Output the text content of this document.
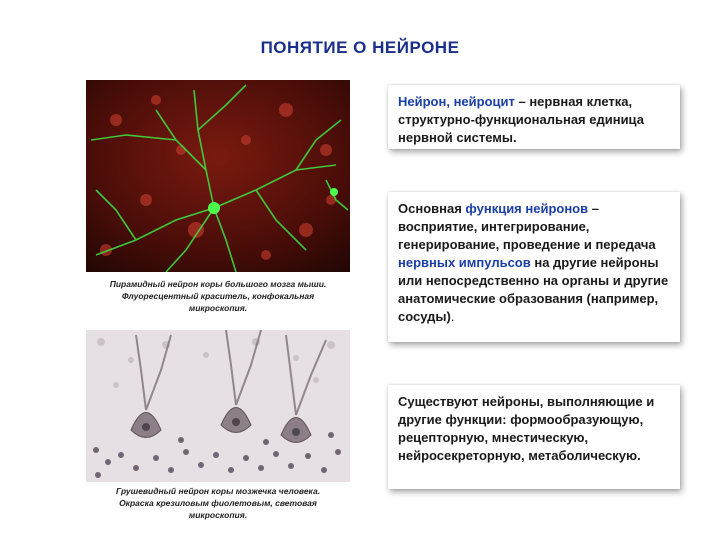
ПОНЯТИЕ О НЕЙРОНЕ
Пирамидный нейрон коры большого мозга мыши.
Флуоресцентный краситель, конфокальная
микроскопия.
Грушевидный нейрон коры мозжечка человека.
Окраска крезиловым фиолетовым, световая
микроскопия.
Нейрон, нейроцит – нервная клетка, структурно-функциональная единица нервной системы.
Основная функция нейронов – восприятие, интегрирование, генерирование, проведение и передача нервных импульсов на другие нейроны или непосредственно на органы и другие анатомические образования (например, сосуды).
Существуют нейроны, выполняющие и другие функции: формообразующую, рецепторную, мнестическую, нейросекреторную, метаболическую.
